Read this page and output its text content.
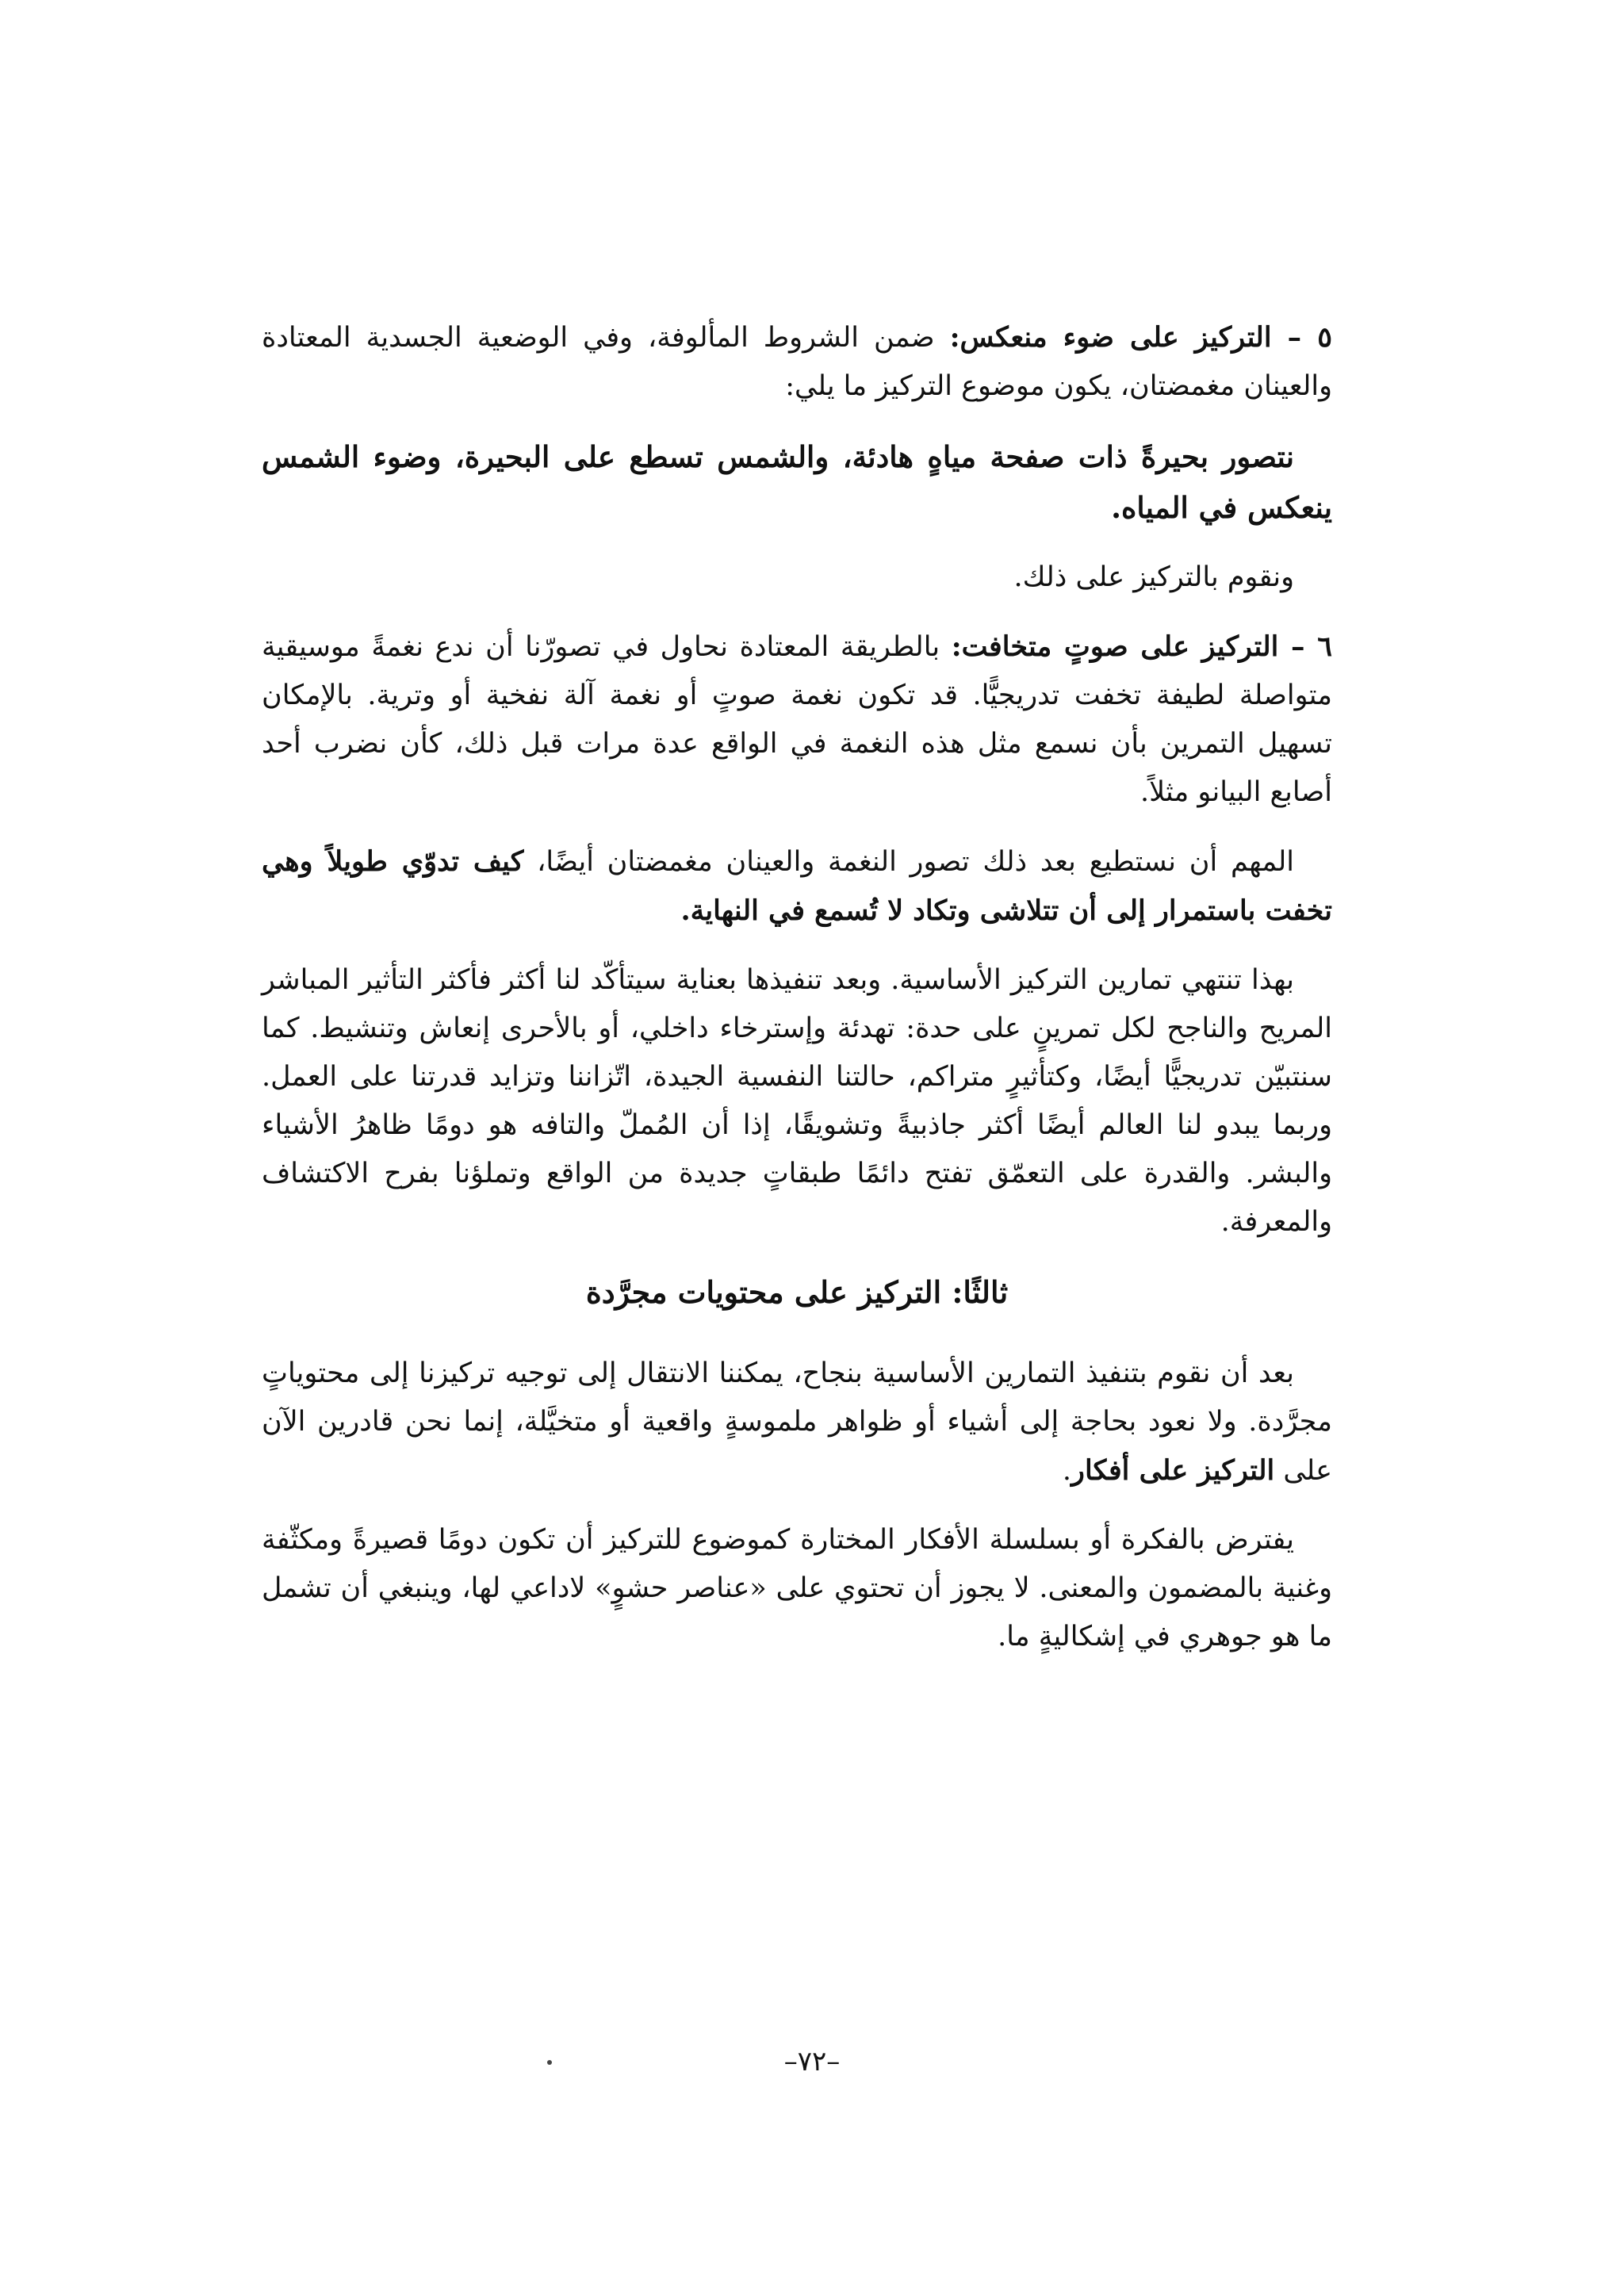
٥ – التركيز على ضوء منعكس: ضمن الشروط المألوفة، وفي الوضعية الجسدية المعتادة والعينان مغمضتان، يكون موضوع التركيز ما يلي:

نتصور بحيرةً ذات صفحة مياهٍ هادئة، والشمس تسطع على البحيرة، وضوء الشمس ينعكس في المياه.

ونقوم بالتركيز على ذلك.

٦ – التركيز على صوتٍ متخافت: بالطريقة المعتادة نحاول في تصورّنا أن ندع نغمةً موسيقية متواصلة لطيفة تخفت تدريجيًّا. قد تكون نغمة صوتٍ أو نغمة آلة نفخية أو وترية. بالإمكان تسهيل التمرين بأن نسمع مثل هذه النغمة في الواقع عدة مرات قبل ذلك، كأن نضرب أحد أصابع البيانو مثلاً.

المهم أن نستطيع بعد ذلك تصور النغمة والعينان مغمضتان أيضًا، كيف تدوّي طويلاً وهي تخفت باستمرار إلى أن تتلاشى وتكاد لا تُسمع في النهاية.

بهذا تنتهي تمارين التركيز الأساسية. وبعد تنفيذها بعناية سيتأكّد لنا أكثر فأكثر التأثير المباشر المريح والناجح لكل تمرينٍ على حدة: تهدئة وإسترخاء داخلي، أو بالأحرى إنعاش وتنشيط. كما سنتبيّن تدريجيًّا أيضًا، وكتأثيرٍ متراكم، حالتنا النفسية الجيدة، اتّزاننا وتزايد قدرتنا على العمل. وربما يبدو لنا العالم أيضًا أكثر جاذبيةً وتشويقًا، إذا أن المُملّ والتافه هو دومًا ظاهرُ الأشياء والبشر. والقدرة على التعمّق تفتح دائمًا طبقاتٍ جديدة من الواقع وتملؤنا بفرح الاكتشاف والمعرفة.

ثالثًا: التركيز على محتويات مجرَّدة

بعد أن نقوم بتنفيذ التمارين الأساسية بنجاح، يمكننا الانتقال إلى توجيه تركيزنا إلى محتوياتٍ مجرَّدة. ولا نعود بحاجة إلى أشياء أو ظواهر ملموسةٍ واقعية أو متخيَّلة، إنما نحن قادرين الآن على التركيز على أفكار.

يفترض بالفكرة أو بسلسلة الأفكار المختارة كموضوع للتركيز أن تكون دومًا قصيرةً ومكثّفة وغنية بالمضمون والمعنى. لا يجوز أن تحتوي على «عناصر حشوٍ» لاداعي لها، وينبغي أن تشمل ما هو جوهري في إشكاليةٍ ما.

–٧٢–
